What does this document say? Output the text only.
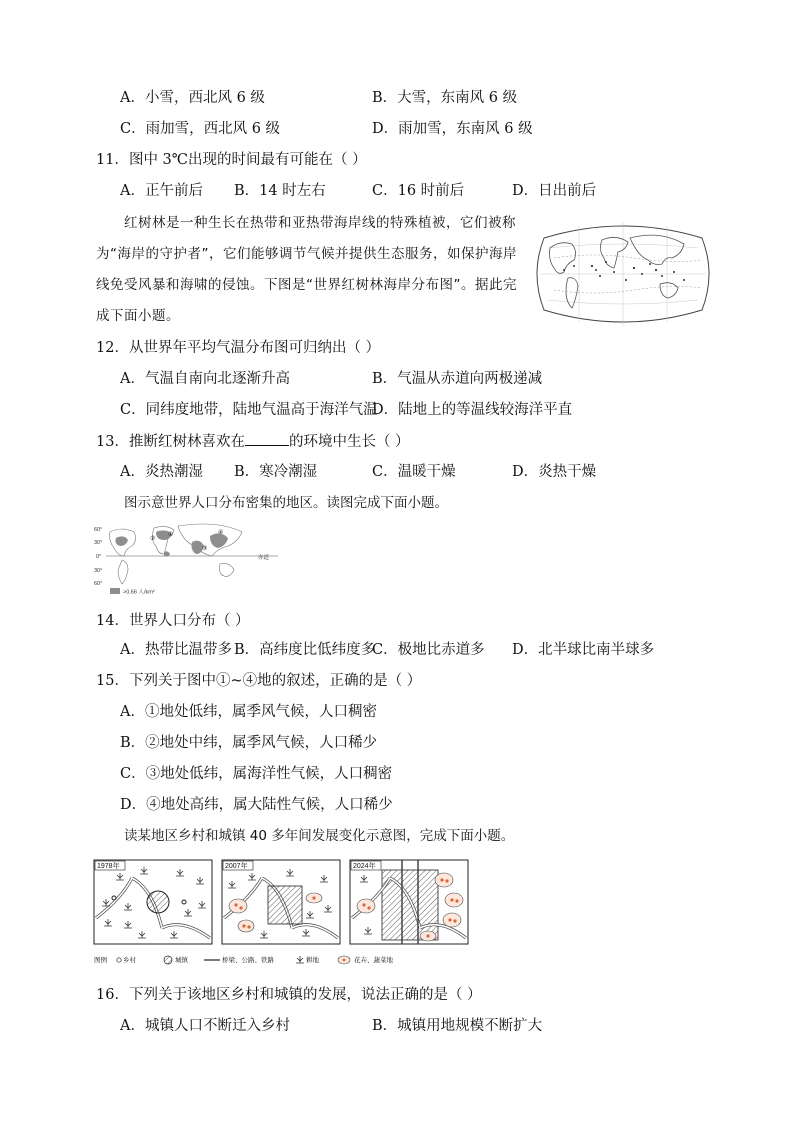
A．小雪，西北风 6 级	B．大雪，东南风 6 级
C．雨加雪，西北风 6 级	D．雨加雪，东南风 6 级
11．图中 3℃出现的时间最有可能在（ ）
A．正午前后 B．14 时左右	C．16 时前后	D．日出前后
红树林是一种生长在热带和亚热带海岸线的特殊植被，它们被称为“海岸的守护者”，它们能够调节气候并提供生态服务，如保护海岸线免受风暴和海啸的侵蚀。下图是“世界红树林海岸分布图”。据此完成下面小题。
12．从世界年平均气温分布图可归纳出（ ）
A．气温自南向北逐渐升高	B．气温从赤道向两极递减
C．同纬度地带，陆地气温高于海洋气温
D．陆地上的等温线较海洋平直
13．推断红树林喜欢在	的环境中生长（ ）
A．炎热潮湿 B．寒冷潮湿	C．温暖干燥	D．炎热干燥
图示意世界人口分布密集的地区。读图完成下面小题。
60°
30°
0°
30°
60°
赤道
①
②
③
④
>0.66 人/km²
14．世界人口分布（ ）
A．热带比温带多 B．高纬度比低纬度多
C．极地比赤道多 D．北半球比南半球多
15．下列关于图中①~④地的叙述，正确的是（ ）
A．①地处低纬，属季风气候，人口稠密
B．②地处中纬，属季风气候，人口稀少
C．③地处低纬，属海洋性气候，人口稠密
D．④地处高纬，属大陆性气候，人口稀少
读某地区乡村和城镇 40 多年间发展变化示意图，完成下面小题。
1978年	2007年	2024年
图例 乡村	城镇	桥梁、公路、铁路	耕地	花卉、蔬菜地
16．下列关于该地区乡村和城镇的发展，说法正确的是（ ）
A．城镇人口不断迁入乡村	B．城镇用地规模不断扩大
